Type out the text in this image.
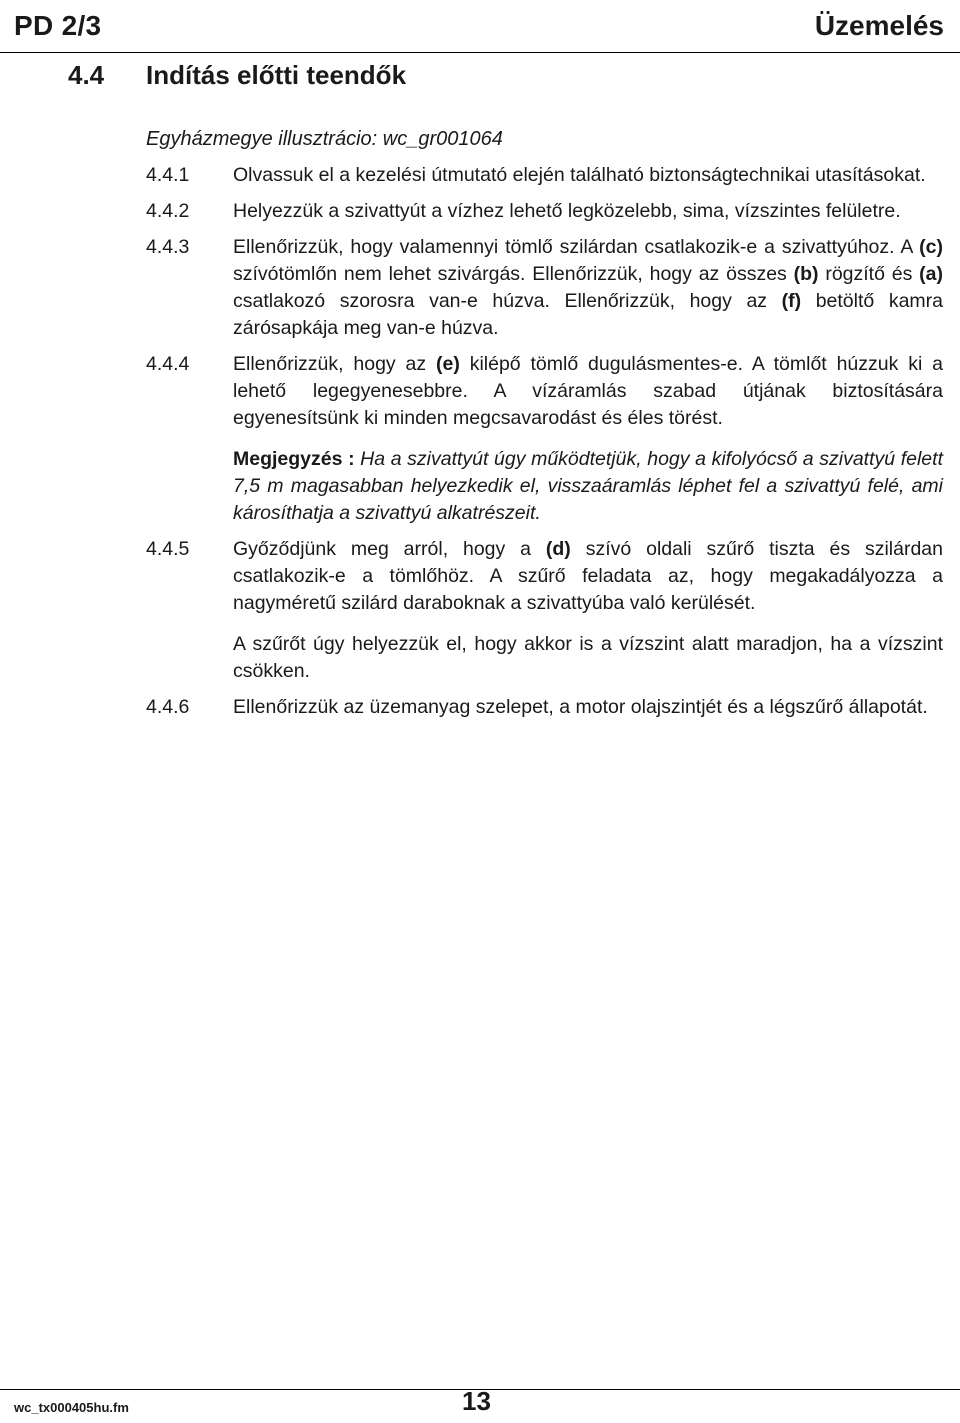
PD 2/3	Üzemelés
4.4 Indítás előtti teendők
Egyházmegye illusztrácio: wc_gr001064
4.4.1	Olvassuk el a kezelési útmutató elején található biztonságtechnikai utasításokat.

4.4.2	Helyezzük a szivattyút a vízhez lehető legközelebb, sima, vízszintes felületre.

4.4.3	Ellenőrizzük, hogy valamennyi tömlő szilárdan csatlakozik-e a szivattyúhoz. A (c) szívótömlőn nem lehet szivárgás. Ellenőrizzük, hogy az összes (b) rögzítő és (a) csatlakozó szorosra van-e húzva. Ellenőrizzük, hogy az (f) betöltő kamra zárósapkája meg van-e húzva.

4.4.4	Ellenőrizzük, hogy az (e) kilépő tömlő dugulásmentes-e. A tömlőt húzzuk ki a lehető legegyenesebbre. A vízáramlás szabad útjának biztosítására egyenesítsünk ki minden megcsavarodást és éles törést.

Megjegyzés : Ha a szivattyút úgy működtetjük, hogy a kifolyócső a szivattyú felett 7,5 m magasabban helyezkedik el, visszaáramlás léphet fel a szivattyú felé, ami károsíthatja a szivattyú alkatrészeit.

4.4.5	Győződjünk meg arról, hogy a (d) szívó oldali szűrő tiszta és szilárdan csatlakozik-e a tömlőhöz. A szűrő feladata az, hogy megakadályozza a nagyméretű szilárd daraboknak a szivattyúba való kerülését.

A szűrőt úgy helyezzük el, hogy akkor is a vízszint alatt maradjon, ha a vízszint csökken.

4.4.6	Ellenőrizzük az üzemanyag szelepet, a motor olajszintjét és a légszűrő állapotát.

wc_tx000405hu.fm	13
